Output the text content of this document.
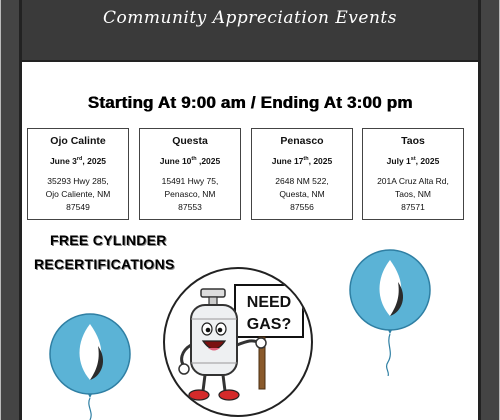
Community Appreciation Events
Starting At 9:00 am / Ending At 3:00 pm
Ojo Calinte
June 3rd, 2025
35293 Hwy 285,
Ojo Caliente, NM
87549
Questa
June 10th ,2025
15491 Hwy 75,
Penasco, NM
87553
Penasco
June 17th, 2025
2648 NM 522,
Questa, NM
87556
Taos
July 1st, 2025
201A Cruz Alta Rd,
Taos, NM
87571
FREE CYLINDER
RECERTIFICATIONS
NEED
GAS?
